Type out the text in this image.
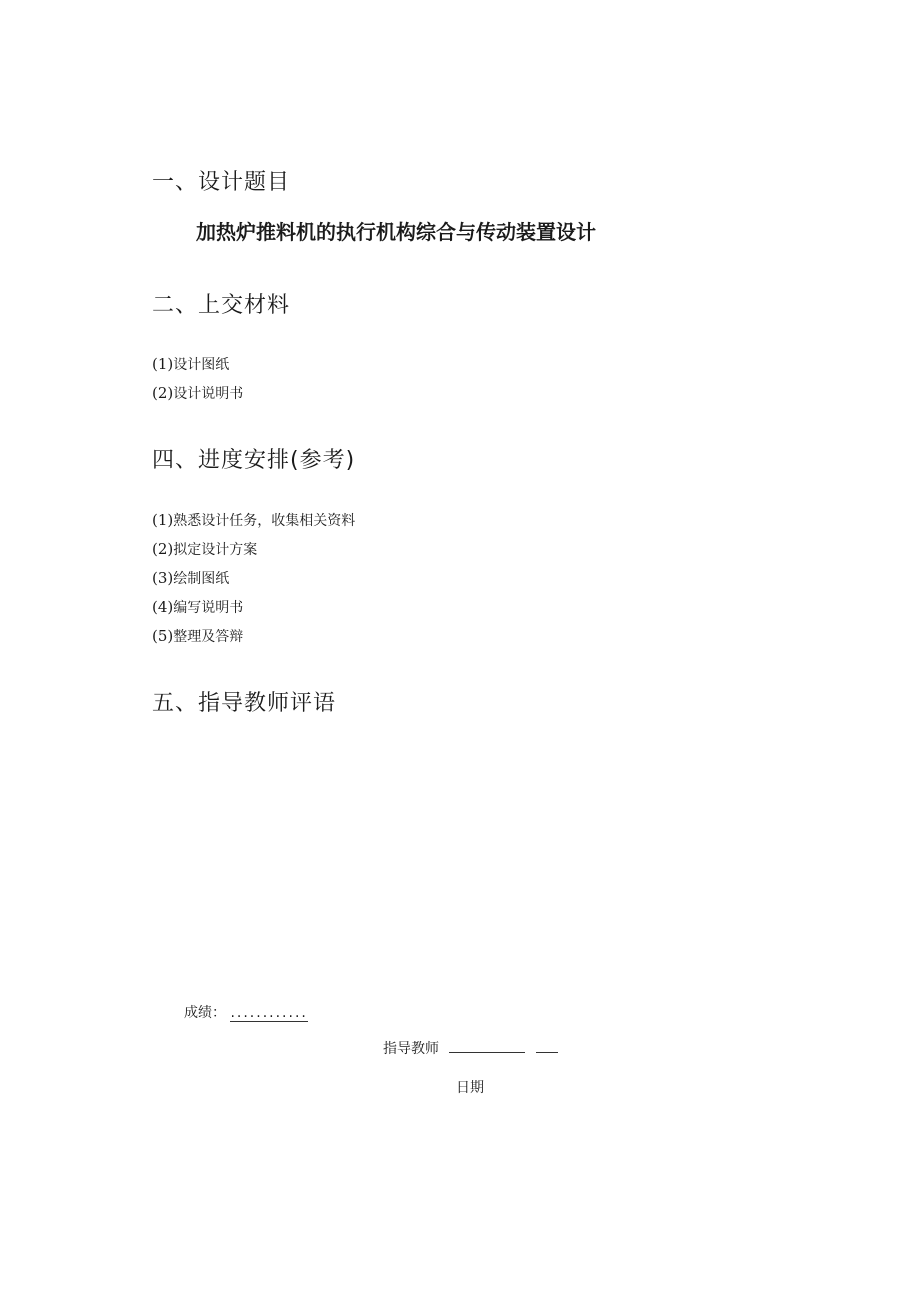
一、设计题目
加热炉推料机的执行机构综合与传动装置设计
二、上交材料
(1)设计图纸
(2)设计说明书
四、进度安排(参考)
(1)熟悉设计任务，收集相关资料
(2)拟定设计方案
(3)绘制图纸
(4)编写说明书
(5)整理及答辩
五、指导教师评语
成绩： ............
指导教师
日期
